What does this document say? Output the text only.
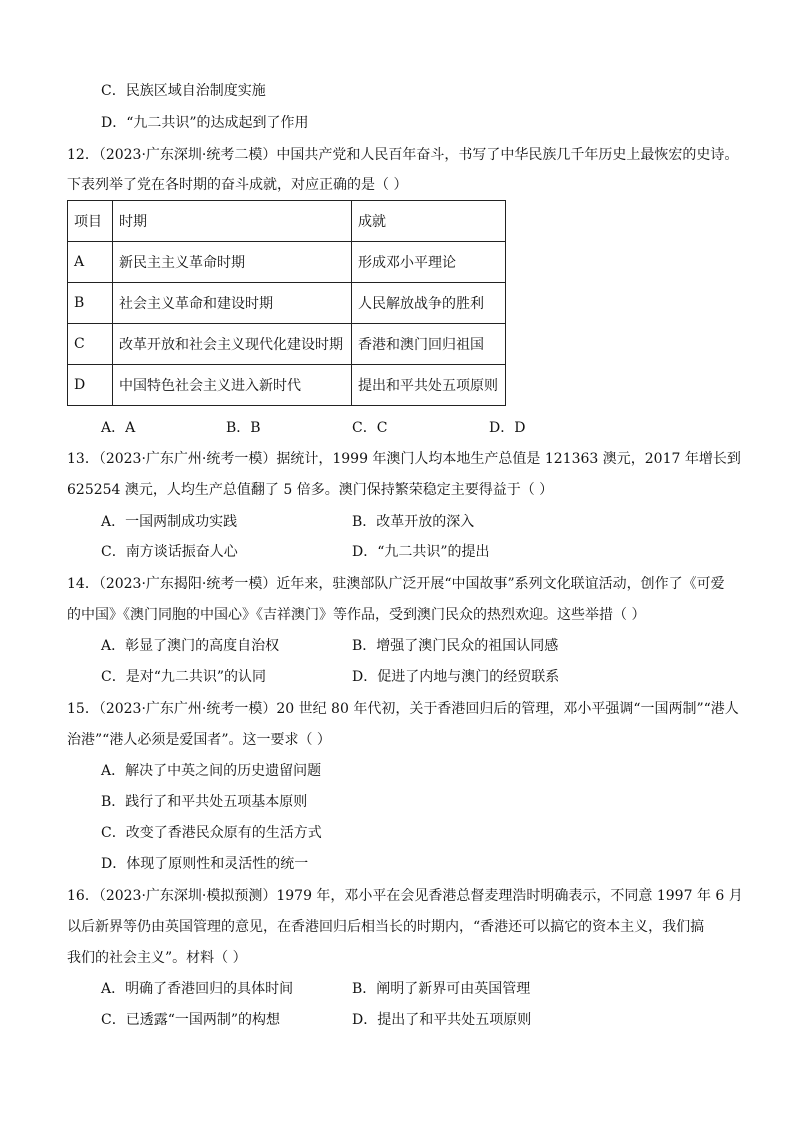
C．民族区域自治制度实施
D．“九二共识”的达成起到了作用
12．（2023·广东深圳·统考二模）中国共产党和人民百年奋斗，书写了中华民族几千年历史上最恢宏的史诗。
下表列举了党在各时期的奋斗成就，对应正确的是（ ）
项目	时期	成就
A	新民主主义革命时期	形成邓小平理论
B	社会主义革命和建设时期	人民解放战争的胜利
C	改革开放和社会主义现代化建设时期	香港和澳门回归祖国
D	中国特色社会主义进入新时代	提出和平共处五项原则
A．A	B．B	C．C	D．D
13．（2023·广东广州·统考一模）据统计，1999 年澳门人均本地生产总值是 121363 澳元，2017 年增长到
625254 澳元，人均生产总值翻了 5 倍多。澳门保持繁荣稳定主要得益于（ ）
A．一国两制成功实践	B．改革开放的深入
C．南方谈话振奋人心	D．“九二共识”的提出
14．（2023·广东揭阳·统考一模）近年来，驻澳部队广泛开展“中国故事”系列文化联谊活动，创作了《可爱
的中国》《澳门同胞的中国心》《吉祥澳门》等作品，受到澳门民众的热烈欢迎。这些举措（ ）
A．彰显了澳门的高度自治权	B．增强了澳门民众的祖国认同感
C．是对“九二共识”的认同	D．促进了内地与澳门的经贸联系
15．（2023·广东广州·统考一模）20 世纪 80 年代初，关于香港回归后的管理，邓小平强调“一国两制”“港人
治港”“港人必须是爱国者”。这一要求（ ）
A．解决了中英之间的历史遗留问题
B．践行了和平共处五项基本原则
C．改变了香港民众原有的生活方式
D．体现了原则性和灵活性的统一
16．（2023·广东深圳·模拟预测）1979 年，邓小平在会见香港总督麦理浩时明确表示，不同意 1997 年 6 月
以后新界等仍由英国管理的意见，在香港回归后相当长的时期内，“香港还可以搞它的资本主义，我们搞
我们的社会主义”。材料（ ）
A．明确了香港回归的具体时间	B．阐明了新界可由英国管理
C．已透露“一国两制”的构想	D．提出了和平共处五项原则
